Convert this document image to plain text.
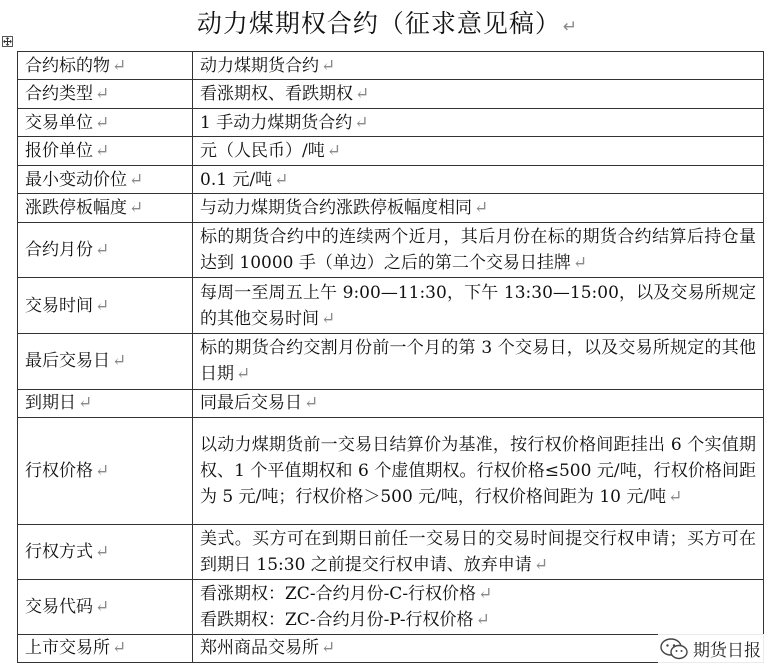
动力煤期权合约（征求意见稿） ↵
合约标的物 ↵	动力煤期货合约 ↵

合约类型 ↵	看涨期权、看跌期权 ↵

交易单位 ↵	1 手动力煤期货合约 ↵

报价单位 ↵	元（人民币）/吨 ↵

最小变动价位 ↵	0.1 元/吨 ↵

涨跌停板幅度 ↵	与动力煤期货合约涨跌停板幅度相同 ↵

合约月份 ↵	标的期货合约中的连续两个近月，其后月份在标的期货合约结算后持仓量达到 10000 手（单边）之后的第二个交易日挂牌 ↵

交易时间 ↵	每周一至周五上午 9:00—11:30，下午 13:30—15:00，以及交易所规定的其他交易时间 ↵

最后交易日 ↵	标的期货合约交割月份前一个月的第 3 个交易日，以及交易所规定的其他日期 ↵

到期日 ↵	同最后交易日 ↵

行权价格 ↵	以动力煤期货前一交易日结算价为基准，按行权价格间距挂出 6 个实值期权、1 个平值期权和 6 个虚值期权。行权价格≤500 元/吨，行权价格间距为 5 元/吨；行权价格＞500 元/吨，行权价格间距为 10 元/吨 ↵

行权方式 ↵	美式。买方可在到期日前任一交易日的交易时间提交行权申请；买方可在到期日 15:30 之前提交行权申请、放弃申请 ↵

交易代码 ↵	看涨期权：ZC-合约月份-C-行权价格 ↵
看跌期权：ZC-合约月份-P-行权价格 ↵

上市交易所 ↵	郑州商品交易所 ↵	期货日报
